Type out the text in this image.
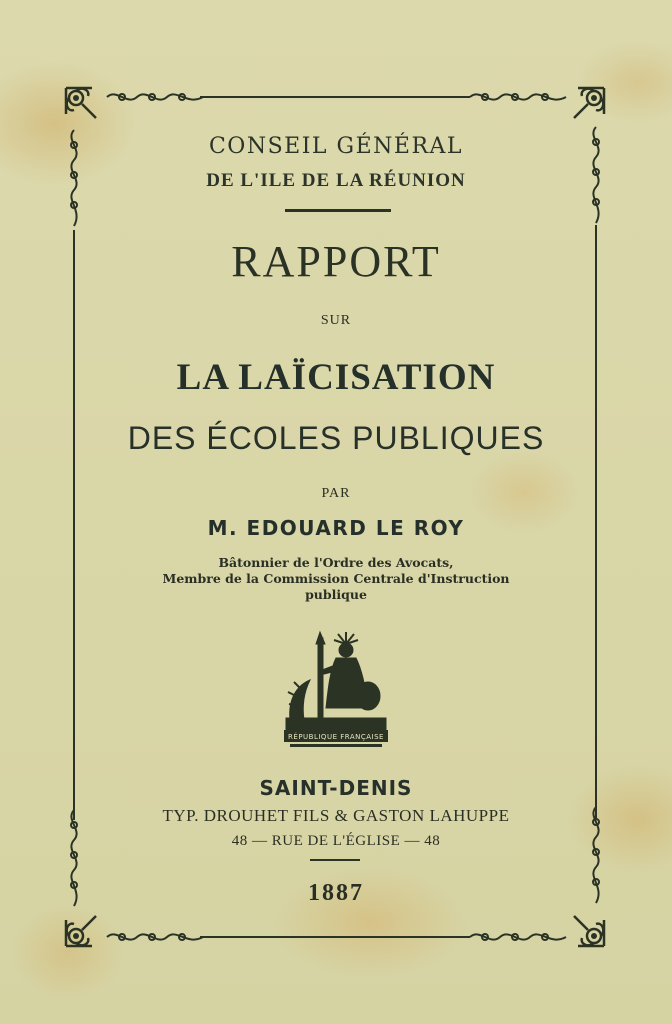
CONSEIL GÉNÉRAL
DE L'ILE DE LA RÉUNION
RAPPORT
SUR
LA LAÏCISATION
DES ÉCOLES PUBLIQUES
PAR
M. EDOUARD LE ROY
Bâtonnier de l'Ordre des Avocats,
Membre de la Commission Centrale d'Instruction
publique
RÉPUBLIQUE FRANÇAISE
SAINT-DENIS
TYP. DROUHET FILS & GASTON LAHUPPE
48 — RUE DE L'ÉGLISE — 48
1887
